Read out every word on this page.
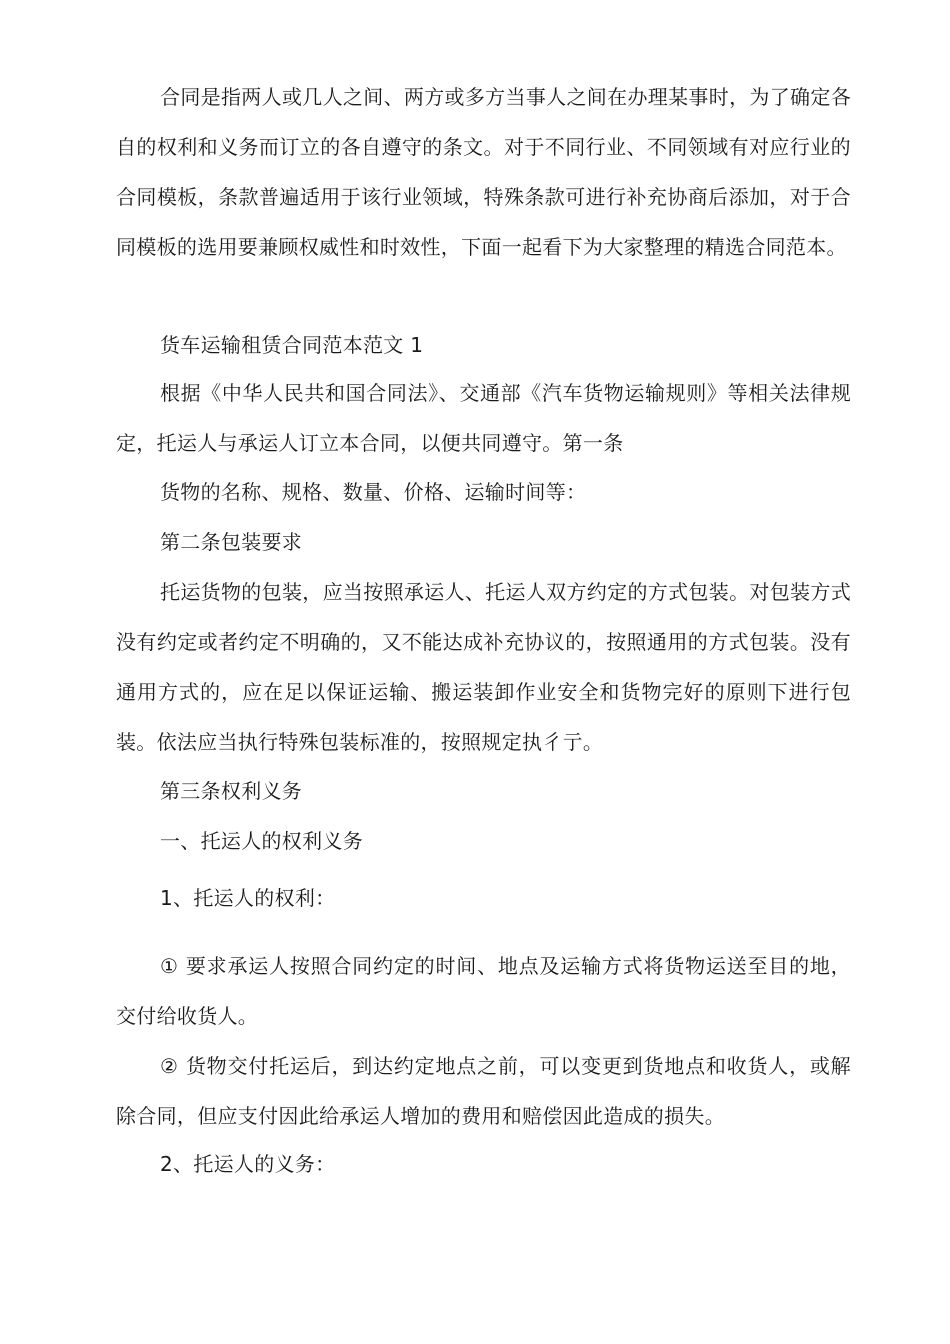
合同是指两人或几人之间、两方或多方当事人之间在办理某事时，为了确定各自的权利和义务而订立的各自遵守的条文。对于不同行业、不同领域有对应行业的合同模板，条款普遍适用于该行业领域，特殊条款可进行补充协商后添加，对于合同模板的选用要兼顾权威性和时效性，下面一起看下为大家整理的精选合同范本。

货车运输租赁合同范本范文 1

根据《中华人民共和国合同法》、交通部《汽车货物运输规则》等相关法律规定，托运人与承运人订立本合同，以便共同遵守。第一条

货物的名称、规格、数量、价格、运输时间等：

第二条包装要求

托运货物的包装，应当按照承运人、托运人双方约定的方式包装。对包装方式没有约定或者约定不明确的，又不能达成补充协议的，按照通用的方式包装。没有通用方式的，应在足以保证运输、搬运装卸作业安全和货物完好的原则下进行包装。依法应当执行特殊包装标准的，按照规定执彳亍。

第三条权利义务

一、托运人的权利义务

1、托运人的权利：

① 要求承运人按照合同约定的时间、地点及运输方式将货物运送至目的地，交付给收货人。

② 货物交付托运后，到达约定地点之前，可以变更到货地点和收货人，或解除合同，但应支付因此给承运人增加的费用和赔偿因此造成的损失。

2、托运人的义务：
